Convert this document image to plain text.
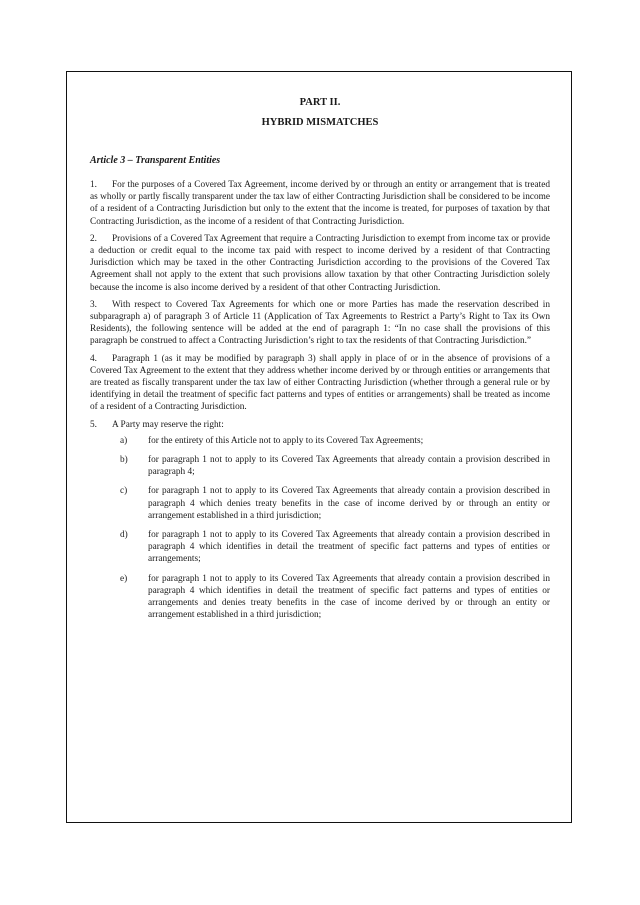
PART II.
HYBRID MISMATCHES
Article 3 – Transparent Entities
1. For the purposes of a Covered Tax Agreement, income derived by or through an entity or arrangement that is treated as wholly or partly fiscally transparent under the tax law of either Contracting Jurisdiction shall be considered to be income of a resident of a Contracting Jurisdiction but only to the extent that the income is treated, for purposes of taxation by that Contracting Jurisdiction, as the income of a resident of that Contracting Jurisdiction.
2. Provisions of a Covered Tax Agreement that require a Contracting Jurisdiction to exempt from income tax or provide a deduction or credit equal to the income tax paid with respect to income derived by a resident of that Contracting Jurisdiction which may be taxed in the other Contracting Jurisdiction according to the provisions of the Covered Tax Agreement shall not apply to the extent that such provisions allow taxation by that other Contracting Jurisdiction solely because the income is also income derived by a resident of that other Contracting Jurisdiction.
3. With respect to Covered Tax Agreements for which one or more Parties has made the reservation described in subparagraph a) of paragraph 3 of Article 11 (Application of Tax Agreements to Restrict a Party’s Right to Tax its Own Residents), the following sentence will be added at the end of paragraph 1: “In no case shall the provisions of this paragraph be construed to affect a Contracting Jurisdiction’s right to tax the residents of that Contracting Jurisdiction.”
4. Paragraph 1 (as it may be modified by paragraph 3) shall apply in place of or in the absence of provisions of a Covered Tax Agreement to the extent that they address whether income derived by or through entities or arrangements that are treated as fiscally transparent under the tax law of either Contracting Jurisdiction (whether through a general rule or by identifying in detail the treatment of specific fact patterns and types of entities or arrangements) shall be treated as income of a resident of a Contracting Jurisdiction.
5. A Party may reserve the right:
a) for the entirety of this Article not to apply to its Covered Tax Agreements;
b) for paragraph 1 not to apply to its Covered Tax Agreements that already contain a provision described in paragraph 4;
c) for paragraph 1 not to apply to its Covered Tax Agreements that already contain a provision described in paragraph 4 which denies treaty benefits in the case of income derived by or through an entity or arrangement established in a third jurisdiction;
d) for paragraph 1 not to apply to its Covered Tax Agreements that already contain a provision described in paragraph 4 which identifies in detail the treatment of specific fact patterns and types of entities or arrangements;
e) for paragraph 1 not to apply to its Covered Tax Agreements that already contain a provision described in paragraph 4 which identifies in detail the treatment of specific fact patterns and types of entities or arrangements and denies treaty benefits in the case of income derived by or through an entity or arrangement established in a third jurisdiction;
